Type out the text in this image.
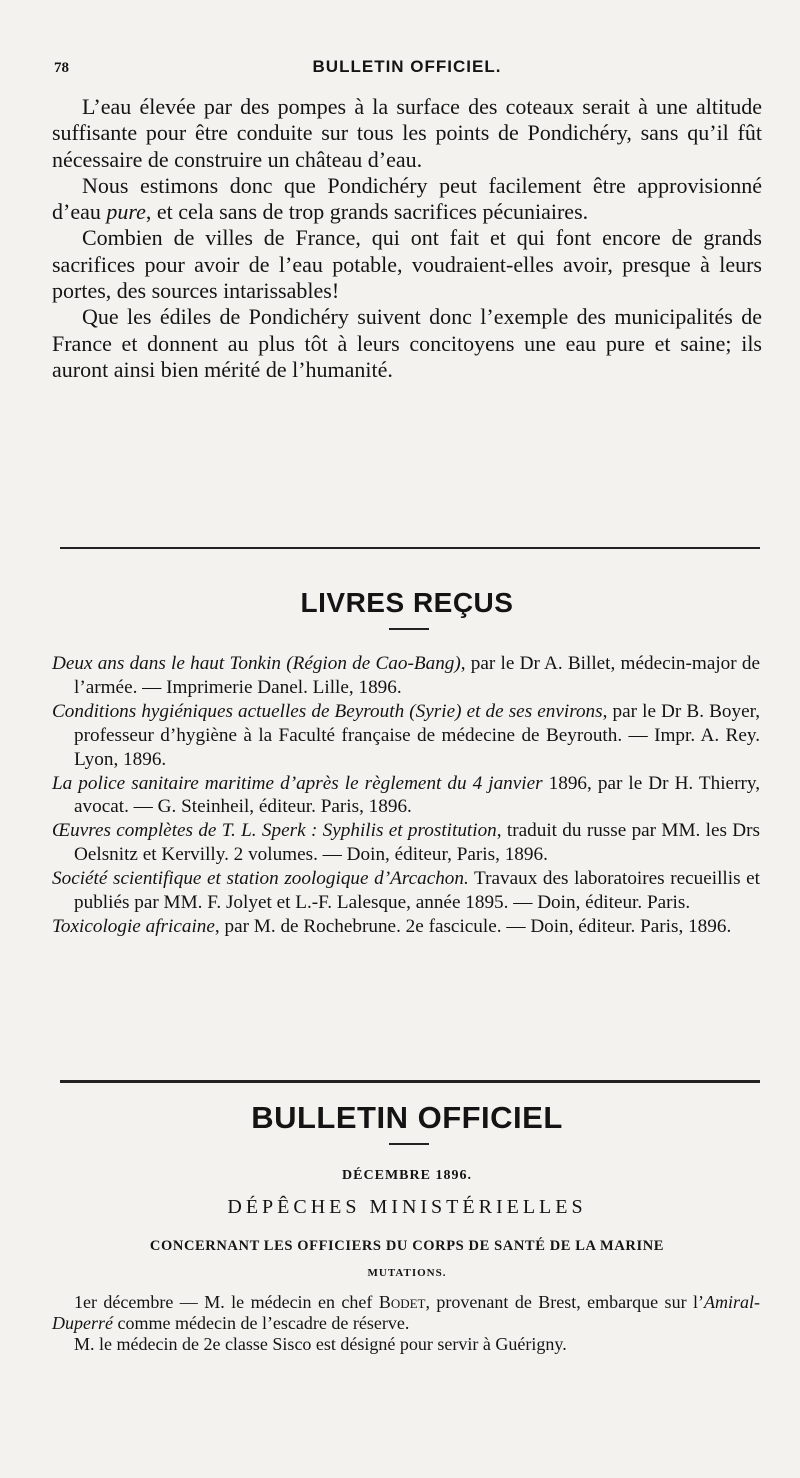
78	BULLETIN OFFICIEL.

L’eau élevée par des pompes à la surface des coteaux serait à une altitude suffisante pour être conduite sur tous les points de Pondichéry, sans qu’il fût nécessaire de construire un château d’eau.

Nous estimons donc que Pondichéry peut facilement être approvisionné d’eau pure, et cela sans de trop grands sacrifices pécuniaires.

Combien de villes de France, qui ont fait et qui font encore de grands sacrifices pour avoir de l’eau potable, voudraient-elles avoir, presque à leurs portes, des sources intarissables!

Que les édiles de Pondichéry suivent donc l’exemple des municipalités de France et donnent au plus tôt à leurs concitoyens une eau pure et saine; ils auront ainsi bien mérité de l’humanité.

LIVRES REÇUS

Deux ans dans le haut Tonkin (Région de Cao-Bang), par le Dr A. Billet, médecin-major de l’armée. — Imprimerie Danel. Lille, 1896.

Conditions hygiéniques actuelles de Beyrouth (Syrie) et de ses environs, par le Dr B. Boyer, professeur d’hygiène à la Faculté française de médecine de Beyrouth. — Impr. A. Rey. Lyon, 1896.

La police sanitaire maritime d’après le règlement du 4 janvier 1896, par le Dr H. Thierry, avocat. — G. Steinheil, éditeur. Paris, 1896.

Œuvres complètes de T. L. Sperk : Syphilis et prostitution, traduit du russe par MM. les Drs Oelsnitz et Kervilly. 2 volumes. — Doin, éditeur, Paris, 1896.

Société scientifique et station zoologique d’Arcachon. Travaux des laboratoires recueillis et publiés par MM. F. Jolyet et L.-F. Lalesque, année 1895. — Doin, éditeur. Paris.

Toxicologie africaine, par M. de Rochebrune. 2e fascicule. — Doin, éditeur. Paris, 1896.

BULLETIN OFFICIEL
DÉCEMBRE 1896.
DÉPÊCHES MINISTÉRIELLES
CONCERNANT LES OFFICIERS DU CORPS DE SANTÉ DE LA MARINE
MUTATIONS.

1er décembre — M. le médecin en chef Bodet, provenant de Brest, embarque sur l’Amiral-Duperré comme médecin de l’escadre de réserve.

M. le médecin de 2e classe Sisco est désigné pour servir à Guérigny.
